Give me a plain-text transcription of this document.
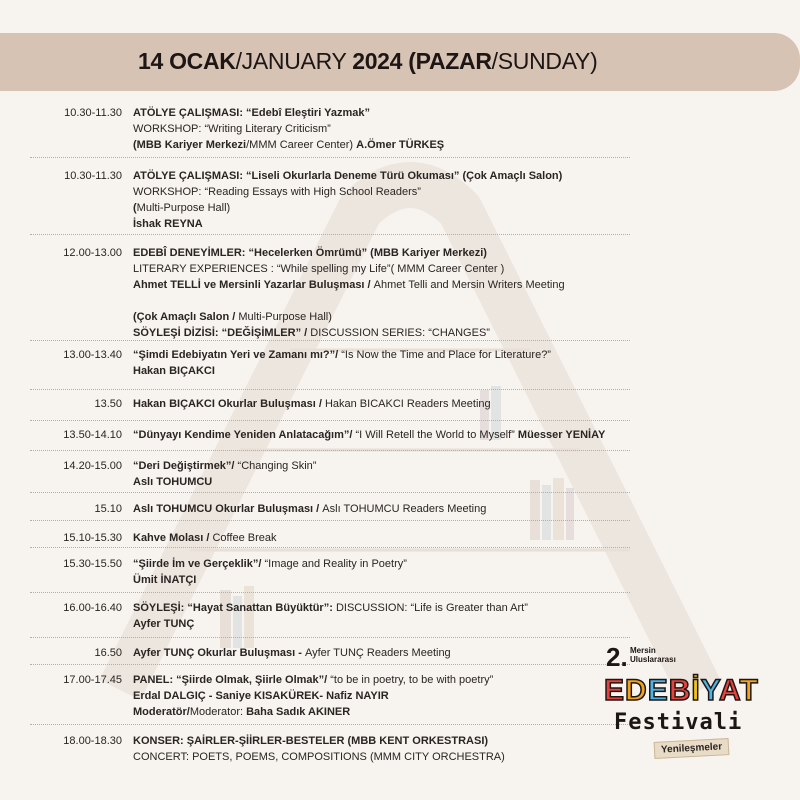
14 OCAK/JANUARY 2024 (PAZAR/SUNDAY)
10.30-11.30 ATÖLYE ÇALIŞMASI: “Edebî Eleştiri Yazmak”
WORKSHOP: “Writing Literary Criticism”
(MBB Kariyer Merkezi/MMM Career Center) A.Ömer TÜRKEŞ
10.30-11.30 ATÖLYE ÇALIŞMASI: “Liseli Okurlarla Deneme Türü Okuması” (Çok Amaçlı Salon)
WORKSHOP: “Reading Essays with High School Readers”
(Multi-Purpose Hall)
İshak REYNA
12.00-13.00 EDEBÎ DENEYİMLER: “Hecelerken Ömrümü” (MBB Kariyer Merkezi)
LITERARY EXPERIENCES : “While spelling my Life”( MMM Career Center )
Ahmet TELLİ ve Mersinli Yazarlar Buluşması / Ahmet Telli and Mersin Writers Meeting
(Çok Amaçlı Salon / Multi-Purpose Hall)
SÖYLEŞİ DİZİSİ: “DEĞİŞİMLER” / DISCUSSION SERIES: “CHANGES”
13.00-13.40 “Şimdi Edebiyatın Yeri ve Zamanı mı?”/ “Is Now the Time and Place for Literature?”
Hakan BIÇAKCI
13.50 Hakan BIÇAKCI Okurlar Buluşması / Hakan BICAKCI Readers Meeting
13.50-14.10 “Dünyayı Kendime Yeniden Anlatacağım”/ “I Will Retell the World to Myself” Müesser YENİAY
14.20-15.00 “Deri Değiştirmek”/ “Changing Skin”
Aslı TOHUMCU
15.10 Aslı TOHUMCU Okurlar Buluşması / Aslı TOHUMCU Readers Meeting
15.10-15.30 Kahve Molası / Coffee Break
15.30-15.50 “Şiirde İm ve Gerçeklik”/ “Image and Reality in Poetry”
Ümit İNATÇI
16.00-16.40 SÖYLEŞİ: “Hayat Sanattan Büyüktür”: DISCUSSION: “Life is Greater than Art”
Ayfer TUNÇ
16.50 Ayfer TUNÇ Okurlar Buluşması - Ayfer TUNÇ Readers Meeting
17.00-17.45 PANEL: “Şiirde Olmak, Şiirle Olmak”/ “to be in poetry, to be with poetry”
Erdal DALGIÇ - Saniye KISAKÜREK- Nafiz NAYIR
Moderatör/Moderator: Baha Sadık AKINER
18.00-18.30 KONSER: ŞAİRLER-ŞİİRLER-BESTELER (MBB KENT ORKESTRASI)
CONCERT: POETS, POEMS, COMPOSITIONS (MMM CITY ORCHESTRA)
2. Mersin
Uluslararası
EDEBİYAT
Festivali
Yenileşmeler
